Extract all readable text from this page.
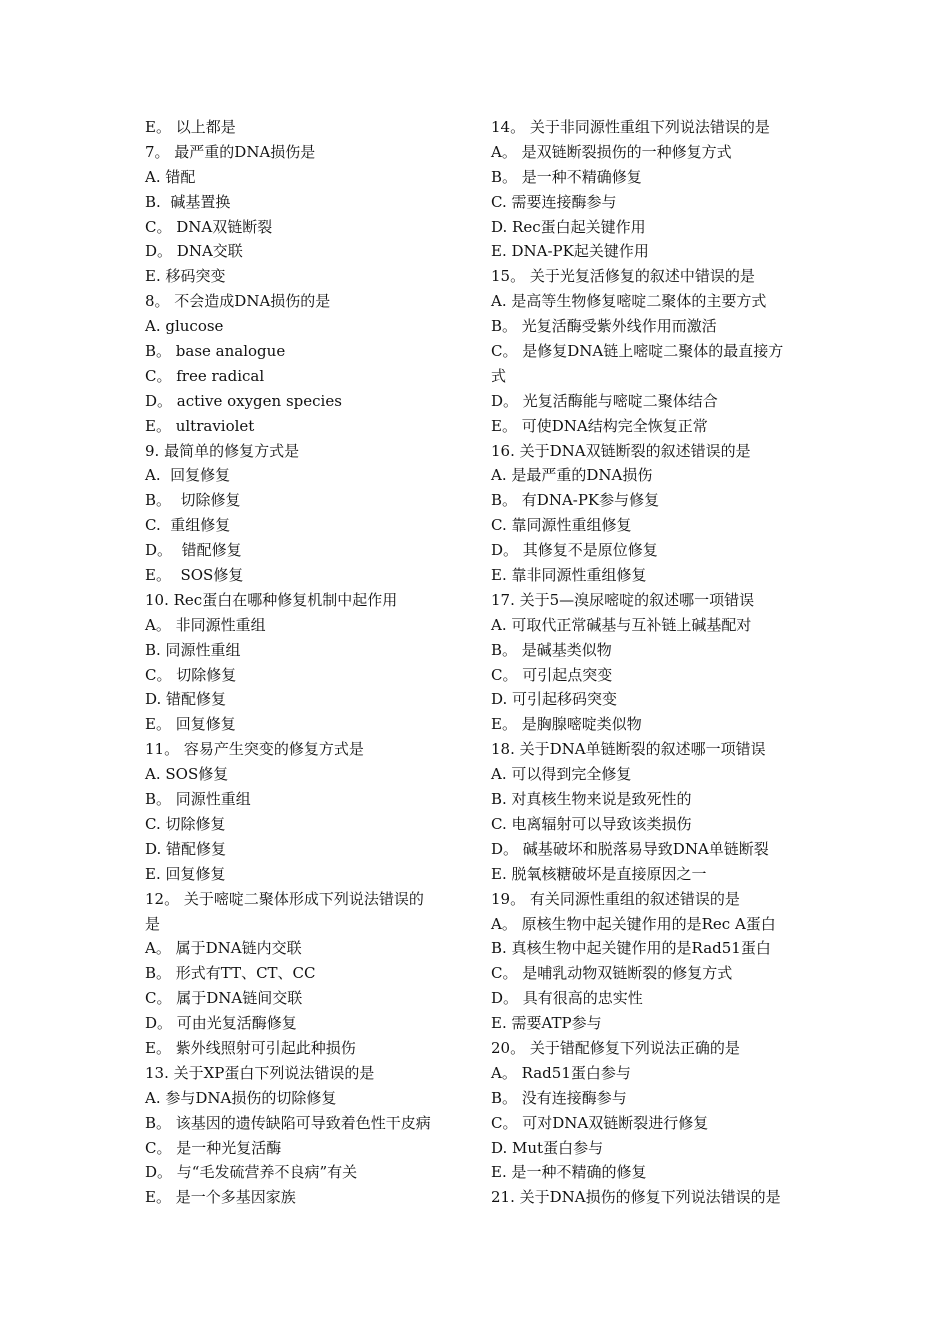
E。 以上都是
7。 最严重的DNA损伤是
A. 错配
B.  碱基置换
C。 DNA双链断裂
D。 DNA交联
E. 移码突变
8。 不会造成DNA损伤的是
A. glucose
B。 base analogue
C。 free radical
D。 active oxygen species
E。 ultraviolet
9. 最简单的修复方式是
A.  回复修复
B。  切除修复
C.  重组修复
D。  错配修复
E。  SOS修复
10. Rec蛋白在哪种修复机制中起作用
A。 非同源性重组
B. 同源性重组
C。 切除修复
D. 错配修复
E。 回复修复
11。 容易产生突变的修复方式是
A. SOS修复
B。 同源性重组
C. 切除修复
D. 错配修复
E. 回复修复
12。 关于嘧啶二聚体形成下列说法错误的
是
A。 属于DNA链内交联
B。 形式有TT、CT、CC
C。 属于DNA链间交联
D。 可由光复活酶修复
E。 紫外线照射可引起此种损伤
13. 关于XP蛋白下列说法错误的是
A. 参与DNA损伤的切除修复
B。 该基因的遗传缺陷可导致着色性干皮病
C。 是一种光复活酶
D。 与“毛发硫营养不良病”有关
E。 是一个多基因家族
14。 关于非同源性重组下列说法错误的是
A。 是双链断裂损伤的一种修复方式
B。 是一种不精确修复
C. 需要连接酶参与
D. Rec蛋白起关键作用
E. DNA-PK起关键作用
15。 关于光复活修复的叙述中错误的是
A. 是高等生物修复嘧啶二聚体的主要方式
B。 光复活酶受紫外线作用而激活
C。 是修复DNA链上嘧啶二聚体的最直接方
式
D。 光复活酶能与嘧啶二聚体结合
E。 可使DNA结构完全恢复正常
16. 关于DNA双链断裂的叙述错误的是
A. 是最严重的DNA损伤
B。 有DNA-PK参与修复
C. 靠同源性重组修复
D。 其修复不是原位修复
E. 靠非同源性重组修复
17. 关于5—溴尿嘧啶的叙述哪一项错误
A. 可取代正常碱基与互补链上碱基配对
B。 是碱基类似物
C。 可引起点突变
D. 可引起移码突变
E。 是胸腺嘧啶类似物
18. 关于DNA单链断裂的叙述哪一项错误
A. 可以得到完全修复
B. 对真核生物来说是致死性的
C. 电离辐射可以导致该类损伤
D。 碱基破坏和脱落易导致DNA单链断裂
E. 脱氧核糖破坏是直接原因之一
19。 有关同源性重组的叙述错误的是
A。 原核生物中起关键作用的是Rec A蛋白
B. 真核生物中起关键作用的是Rad51蛋白
C。 是哺乳动物双链断裂的修复方式
D。 具有很高的忠实性
E. 需要ATP参与
20。 关于错配修复下列说法正确的是
A。 Rad51蛋白参与
B。 没有连接酶参与
C。 可对DNA双链断裂进行修复
D. Mut蛋白参与
E. 是一种不精确的修复
21. 关于DNA损伤的修复下列说法错误的是
